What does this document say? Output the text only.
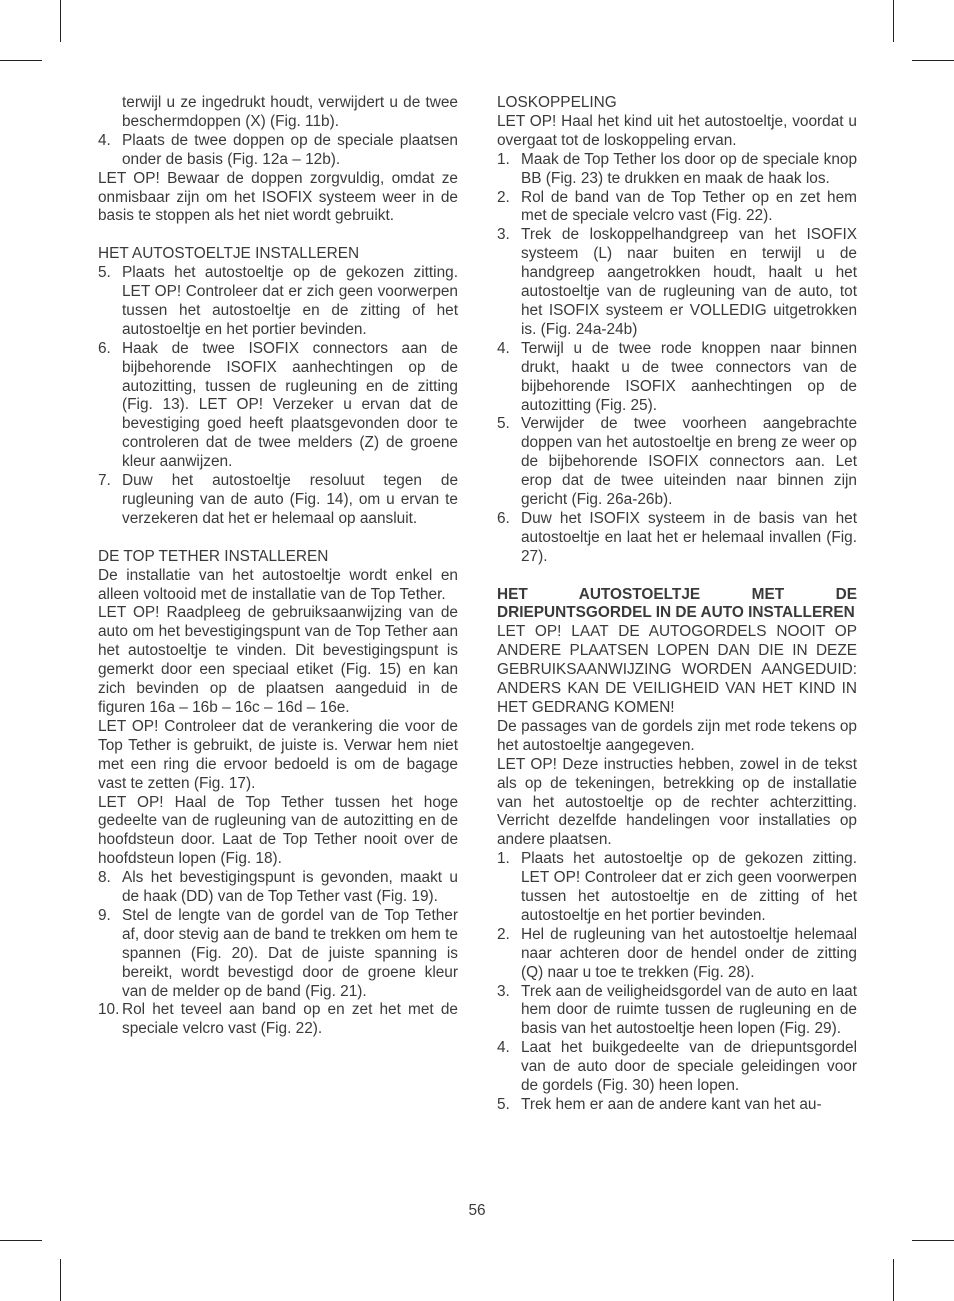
terwijl u ze ingedrukt houdt, verwijdert u de twee beschermdoppen (X) (Fig. 11b).
4. Plaats de twee doppen op de speciale plaatsen onder de basis (Fig. 12a – 12b).

LET OP! Bewaar de doppen zorgvuldig, omdat ze onmisbaar zijn om het ISOFIX systeem weer in de basis te stoppen als het niet wordt gebruikt.

HET AUTOSTOELTJE INSTALLEREN

5. Plaats het autostoeltje op de gekozen zitting. LET OP! Controleer dat er zich geen voorwerpen tussen het autostoeltje en de zitting of het autostoeltje en het portier bevinden.
6. Haak de twee ISOFIX connectors aan de bijbehorende ISOFIX aanhechtingen op de autozitting, tussen de rugleuning en de zitting (Fig. 13). LET OP! Verzeker u ervan dat de bevestiging goed heeft plaatsgevonden door te controleren dat de twee melders (Z) de groene kleur aanwijzen.
7. Duw het autostoeltje resoluut tegen de rugleuning van de auto (Fig. 14), om u ervan te verzekeren dat het er helemaal op aansluit.

DE TOP TETHER INSTALLEREN

De installatie van het autostoeltje wordt enkel en alleen voltooid met de installatie van de Top Tether.

LET OP! Raadpleeg de gebruiksaanwijzing van de auto om het bevestigingspunt van de Top Tether aan het autostoeltje te vinden. Dit bevestigingspunt is gemerkt door een speciaal etiket (Fig. 15) en kan zich bevinden op de plaatsen aangeduid in de figuren 16a – 16b – 16c – 16d – 16e.

LET OP! Controleer dat de verankering die voor de Top Tether is gebruikt, de juiste is. Verwar hem niet met een ring die ervoor bedoeld is om de bagage vast te zetten (Fig. 17).

LET OP! Haal de Top Tether tussen het hoge gedeelte van de rugleuning van de autozitting en de hoofdsteun door. Laat de Top Tether nooit over de hoofdsteun lopen (Fig. 18).

8. Als het bevestigingspunt is gevonden, maakt u de haak (DD) van de Top Tether vast (Fig. 19).
9. Stel de lengte van de gordel van de Top Tether af, door stevig aan de band te trekken om hem te spannen (Fig. 20). Dat de juiste spanning is bereikt, wordt bevestigd door de groene kleur van de melder op de band (Fig. 21).
10. Rol het teveel aan band op en zet het met de speciale velcro vast (Fig. 22).

LOSKOPPELING

LET OP! Haal het kind uit het autostoeltje, voordat u overgaat tot de loskoppeling ervan.

1. Maak de Top Tether los door op de speciale knop BB (Fig. 23) te drukken en maak de haak los.
2. Rol de band van de Top Tether op en zet hem met de speciale velcro vast (Fig. 22).
3. Trek de loskoppelhandgreep van het ISOFIX systeem (L) naar buiten en terwijl u de handgreep aangetrokken houdt, haalt u het autostoeltje van de rugleuning van de auto, tot het ISOFIX systeem er VOLLEDIG uitgetrokken is. (Fig. 24a-24b)
4. Terwijl u de twee rode knoppen naar binnen drukt, haakt u de twee connectors van de bijbehorende ISOFIX aanhechtingen op de autozitting (Fig. 25).
5. Verwijder de twee voorheen aangebrachte doppen van het autostoeltje en breng ze weer op de bijbehorende ISOFIX connectors aan. Let erop dat de twee uiteinden naar binnen zijn gericht (Fig. 26a-26b).
6. Duw het ISOFIX systeem in de basis van het autostoeltje en laat het er helemaal invallen (Fig. 27).

HET AUTOSTOELTJE MET DE DRIEPUNTSGORDEL IN DE AUTO INSTALLEREN

LET OP! LAAT DE AUTOGORDELS NOOIT OP ANDERE PLAATSEN LOPEN DAN DIE IN DEZE GEBRUIKSAANWIJZING WORDEN AANGEDUID: ANDERS KAN DE VEILIGHEID VAN HET KIND IN HET GEDRANG KOMEN!

De passages van de gordels zijn met rode tekens op het autostoeltje aangegeven.

LET OP! Deze instructies hebben, zowel in de tekst als op de tekeningen, betrekking op de installatie van het autostoeltje op de rechter achterzitting. Verricht dezelfde handelingen voor installaties op andere plaatsen.

1. Plaats het autostoeltje op de gekozen zitting. LET OP! Controleer dat er zich geen voorwerpen tussen het autostoeltje en de zitting of het autostoeltje en het portier bevinden.
2. Hel de rugleuning van het autostoeltje helemaal naar achteren door de hendel onder de zitting (Q) naar u toe te trekken (Fig. 28).
3. Trek aan de veiligheidsgordel van de auto en laat hem door de ruimte tussen de rugleuning en de basis van het autostoeltje heen lopen (Fig. 29).
4. Laat het buikgedeelte van de driepuntsgordel van de auto door de speciale geleidingen voor de gordels (Fig. 30) heen lopen.
5. Trek hem er aan de andere kant van het au-
56
